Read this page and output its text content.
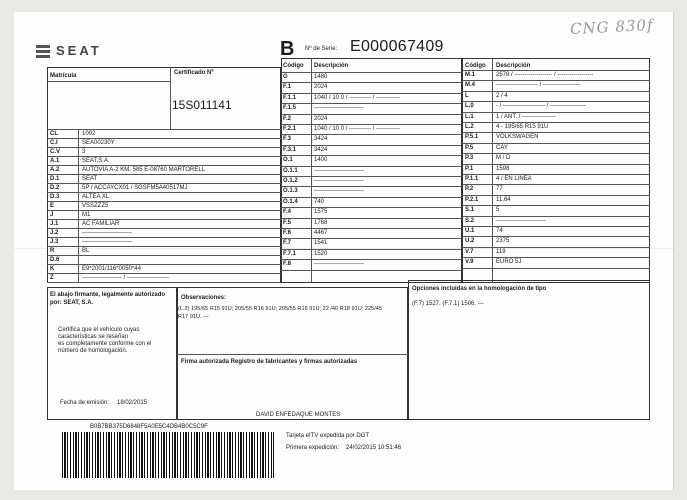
CNG 830f
SEAT	B Nº de Serie: E000067409
Matrícula	Certificado Nº
15S011141
CL	1002
C.I	SEA00230Y
C.V	3
A.1	SEAT,S.A.
A.2	AUTOVIA A-2 KM. 585 E-08760 MARTORELL
D.1	SEAT
D.2	5P / ACCAYCX01 / SGSFM5A40517MJ
D.3	ALTEA XL
E	VSSZZZ5
J	M1
J.1	AC FAMILIAR
J.2	-------------------------
J.3	-------------------------
R	BL
D.6
K	E9*2001/116*0050*44
Z	-------------------- / ---------------------
Código Descripción
G	1480
F.1	2024
F.1.1	1040 / 10 0 / ----------- / ------------
F.1.5	-------------------------
F.2	2024
F.2.1	1040 / 10 0 / ----------- / ------------
F.3	3424
F.3.1	3424
O.1	1400
O.1.1	-------------------------
O.1.2	-------------------------
O.1.3	-------------------------
O.1.4	740
F.4	1575
F.5	1768
F.6	4467
F.7	1541
F.7.1	1520
F.8	-------------------------
Código Descripción
M.1	2578 / ------------------- / ------------------
M.4	--------------------- / -------------------
L	2 / 4
L.0	- / --------------------- / ------------------
L.1	1 / ANT. / -----------------
L.2	4 - 195/65 R15 91U
P.5.1	VOLKSWAGEN
P.5	CAY
P.3	M / D
P.1	1598
P.1.1	4 / EN LINEA
P.2	77
P.2.1	11.64
S.1	5
S.2	-------------------------
U.1	74
U.2	2375
V.7	119
V.9	EURO 5J
El abajo firmante, legalmente autorizado
por: SEAT, S.A.
Certifica que el vehículo cuyas
características se reseñan
es completamente conforme con el
número de homologación.
Fecha de emisión: 18/02/2015
Observaciones:
(L.2) 195/65 R15 91U; 205/55 R16 91U; 205/55 R16 91U; 22 /40 R18 91U; 225/45
R17 91U. ---
Firma autorizada Registro de fabricantes y firmas autorizadas
DAVID ENFEDAQUE MONTES
Opciones incluidas en la homologación de tipo
(F.7) 1527. (F.7.1) 1506. ---
B0B7BB375D6848F5A0E5C4DB4B0C5C9F
Tarjeta eITV expedida por DGT
Primera expedición: 24/02/2015 10:51:46
